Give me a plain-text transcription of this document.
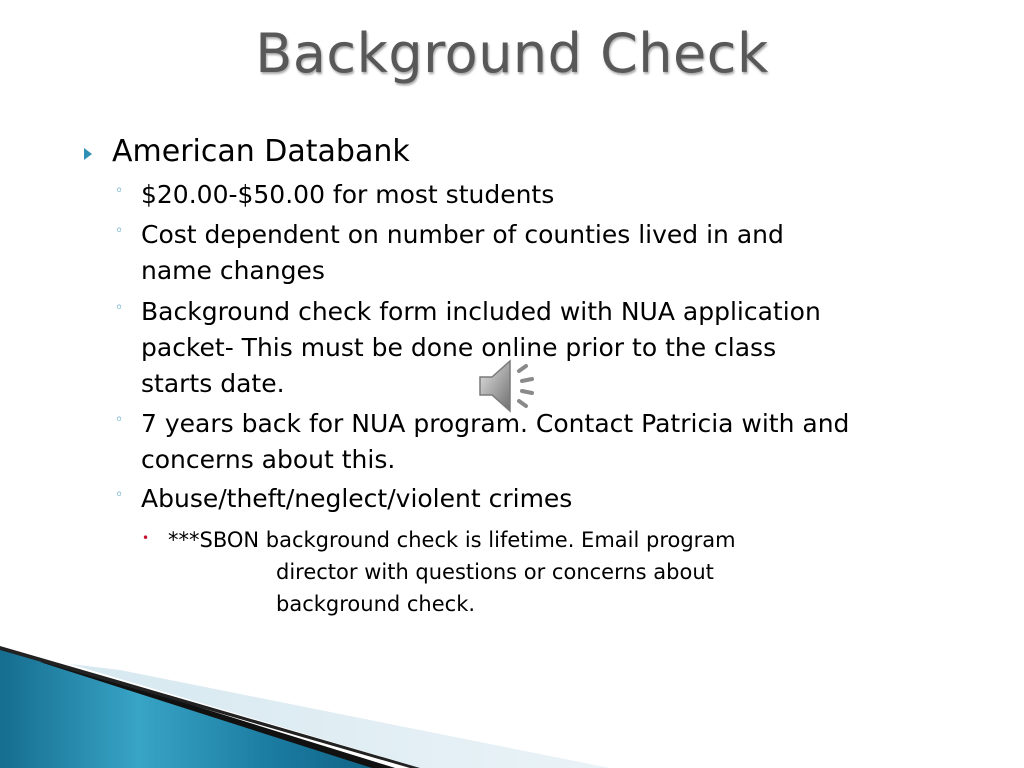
Background Check
American Databank
◦ $20.00-$50.00 for most students
◦ Cost dependent on number of counties lived in and
name changes
◦ Background check form included with NUA application
packet- This must be done online prior to the class
starts date.
◦ 7 years back for NUA program. Contact Patricia with and
concerns about this.
◦ Abuse/theft/neglect/violent crimes
• ***SBON background check is lifetime. Email program
director with questions or concerns about
background check.
